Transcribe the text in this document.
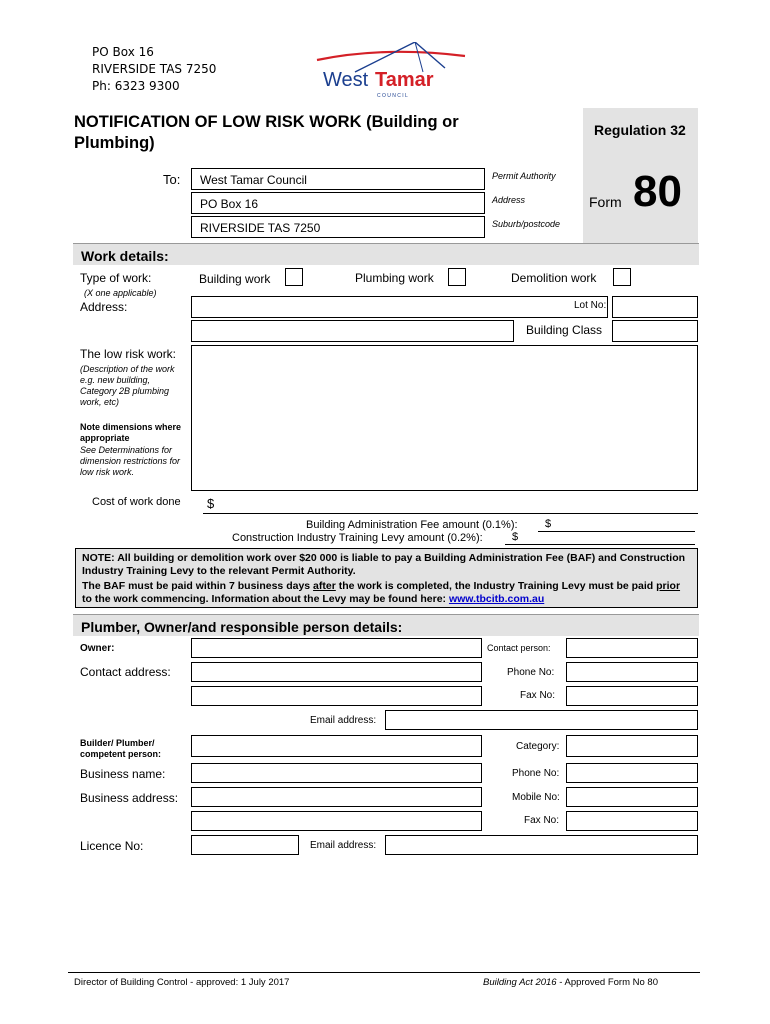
PO Box 16
RIVERSIDE TAS 7250
Ph: 6323 9300	West Tamar
C O U N C I L
NOTIFICATION OF LOW RISK WORK (Building or Plumbing)
Regulation 32
Form 80
To:	West Tamar Council
PO Box 16
RIVERSIDE TAS 7250
Permit Authority
Address
Suburb/postcode
Work details:
Type of work:
(X one applicable)
Building work	Plumbing work	Demolition work
Address:	Lot No:
Building Class
The low risk work:
(Description of the work e.g. new building, Category 2B plumbing work, etc)
Note dimensions where appropriate
See Determinations for dimension restrictions for low risk work.
Cost of work done $
Building Administration Fee amount (0.1%): $
Construction Industry Training Levy amount (0.2%):	$

NOTE: All building or demolition work over $20 000 is liable to pay a Building Administration Fee (BAF) and Construction Industry Training Levy to the relevant Permit Authority.

The BAF must be paid within 7 business days after the work is completed, the Industry Training Levy must be paid prior to the work commencing. Information about the Levy may be found here: www.tbcitb.com.au

Plumber, Owner/and responsible person details:
Owner:	Contact person:
Contact address:	Phone No:
Fax No:
Email address:
Builder/ Plumber/ competent person:
Category:
Business name:	Phone No:
Business address:	Mobile No:
Fax No:
Licence No:	Email address:
Director of Building Control - approved: 1 July 2017	Building Act 2016 - Approved Form No 80
